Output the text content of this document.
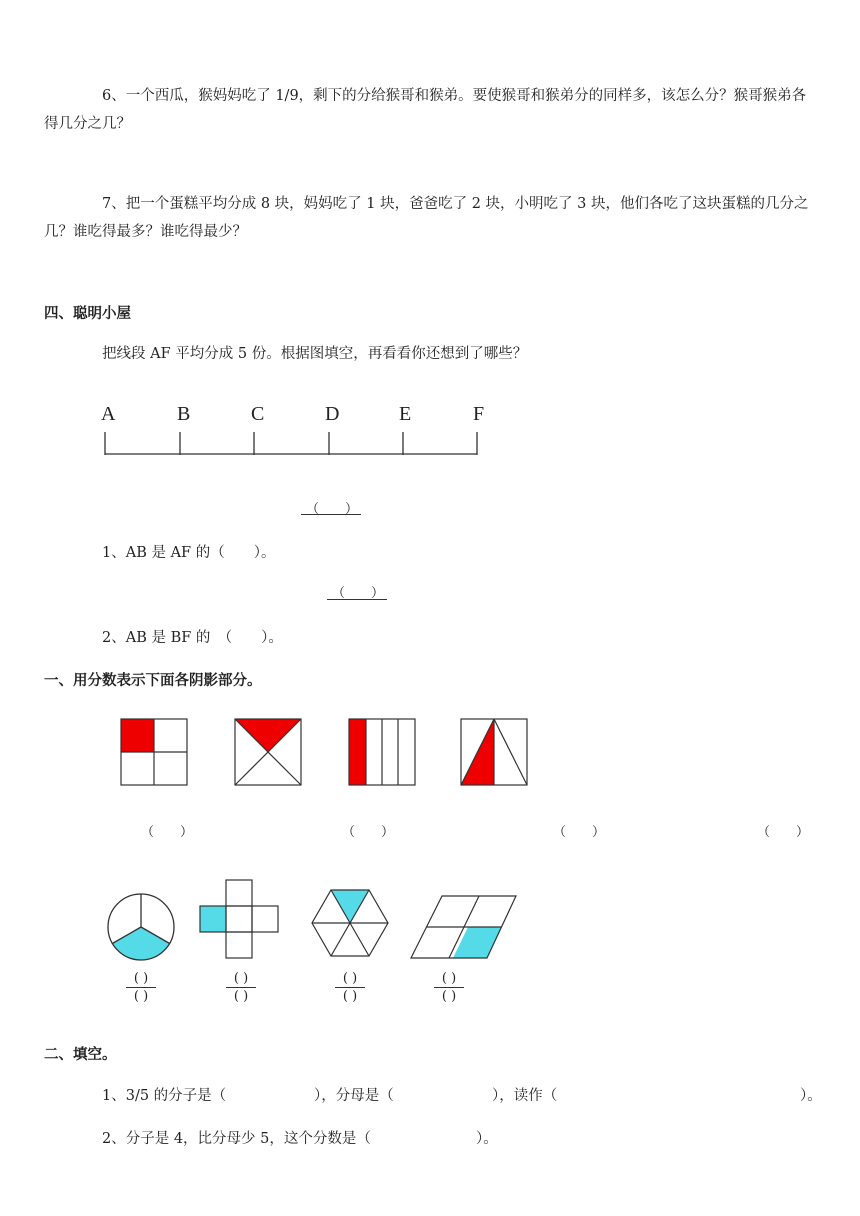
6、一个西瓜，猴妈妈吃了 1/9，剩下的分给猴哥和猴弟。要使猴哥和猴弟分的同样多，该怎么分？猴哥猴弟各得几分之几？
7、把一个蛋糕平均分成 8 块，妈妈吃了 1 块，爸爸吃了 2 块，小明吃了 3 块，他们各吃了这块蛋糕的几分之几？谁吃得最多？谁吃得最少？
四、聪明小屋
把线段 AF 平均分成 5 份。根据图填空，再看看你还想到了哪些？
A	B	C	D	E	F
（　　）
1、AB 是 AF 的（　　）。
（　　）
2、AB 是 BF 的　（　　）。
一、用分数表示下面各阴影部分。
（　　）	（　　）	（　　）	（　　）
( )
( )
( )
( )
( )
( )
( )
( )
二、填空。
1、3/5 的分子是（	），分母是（	），读作（	）。
2、分子是 4，比分母少 5，这个分数是（	）。
